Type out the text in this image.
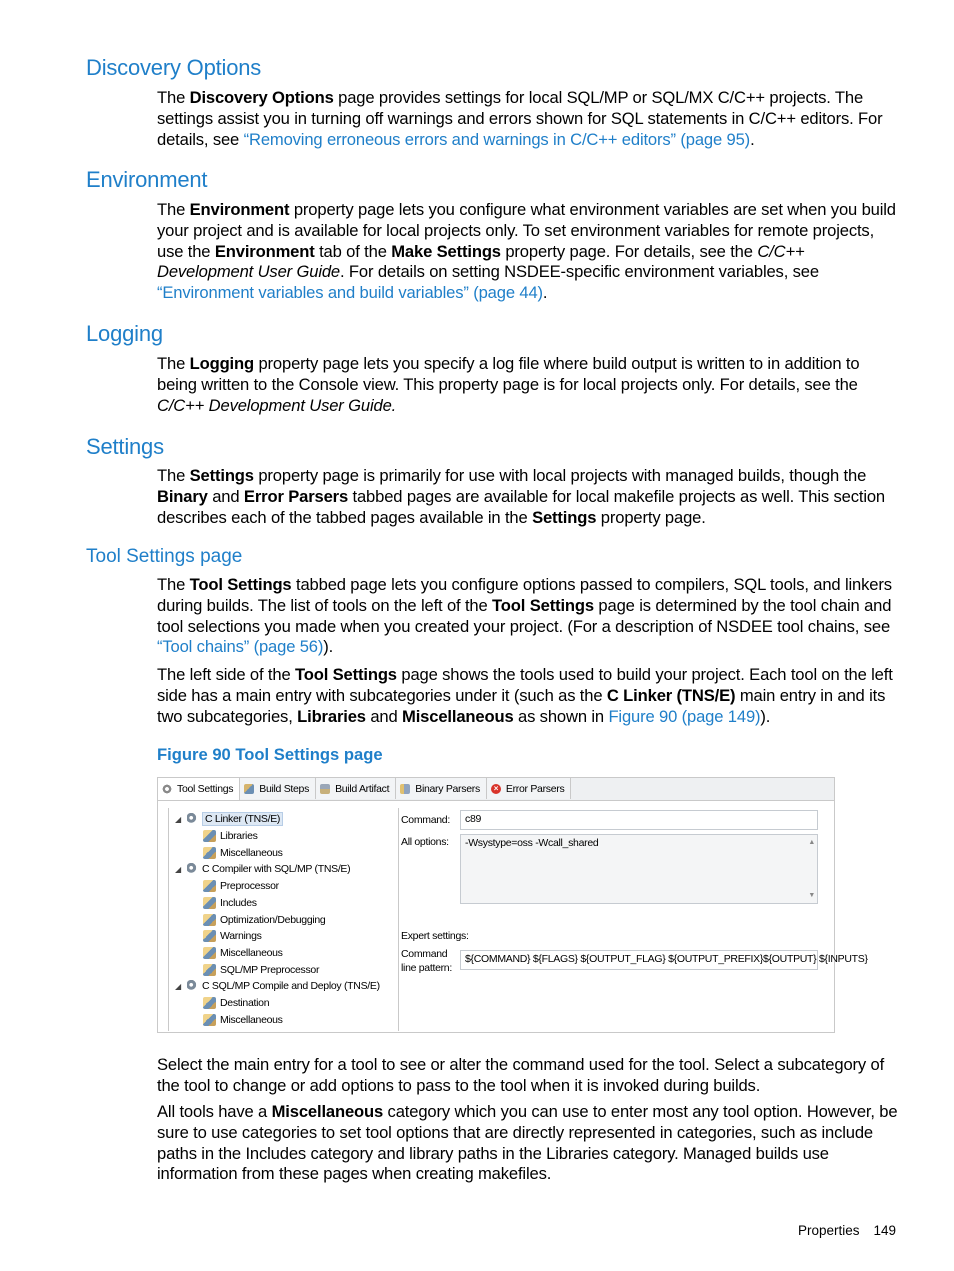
Discovery Options

The Discovery Options page provides settings for local SQL/MP or SQL/MX C/C++ projects. The settings assist you in turning off warnings and errors shown for SQL statements in C/C++ editors. For details, see “Removing erroneous errors and warnings in C/C++ editors” (page 95).

Environment

The Environment property page lets you configure what environment variables are set when you build your project and is available for local projects only. To set environment variables for remote projects, use the Environment tab of the Make Settings property page. For details, see the C/C++ Development User Guide. For details on setting NSDEE-specific environment variables, see “Environment variables and build variables” (page 44).

Logging

The Logging property page lets you specify a log file where build output is written to in addition to being written to the Console view. This property page is for local projects only. For details, see the C/C++ Development User Guide.

Settings

The Settings property page is primarily for use with local projects with managed builds, though the Binary and Error Parsers tabbed pages are available for local makefile projects as well. This section describes each of the tabbed pages available in the Settings property page.

Tool Settings page

The Tool Settings tabbed page lets you configure options passed to compilers, SQL tools, and linkers during builds. The list of tools on the left of the Tool Settings page is determined by the tool chain and tool selections you made when you created your project. (For a description of NSDEE tool chains, see “Tool chains” (page 56)).

The left side of the Tool Settings page shows the tools used to build your project. Each tool on the left side has a main entry with subcategories under it (such as the C Linker (TNS/E) main entry in and its two subcategories, Libraries and Miscellaneous as shown in Figure 90 (page 149)).

Figure 90 Tool Settings page

Tool Settings Build Steps Build Artifact Binary Parsers	× Error Parsers
◢ C Linker (TNS/E)
Libraries
Miscellaneous
◢ C Compiler with SQL/MP (TNS/E)
Preprocessor
Includes
Optimization/Debugging
Warnings
Miscellaneous
SQL/MP Preprocessor
◢ C SQL/MP Compile and Deploy (TNS/E)
Destination
Miscellaneous
Command:	c89
All options:	-Wsystype=oss -Wcall_shared	▲
▼
Expert settings:
Command
line pattern:
${COMMAND} ${FLAGS} ${OUTPUT_FLAG} ${OUTPUT_PREFIX}${OUTPUT} ${INPUTS}

Select the main entry for a tool to see or alter the command used for the tool. Select a subcategory of the tool to change or add options to pass to the tool when it is invoked during builds.

All tools have a Miscellaneous category which you can use to enter most any tool option. However, be sure to use categories to set tool options that are directly represented in categories, such as include paths in the Includes category and library paths in the Libraries category. Managed builds use information from these pages when creating makefiles.

Properties 149
